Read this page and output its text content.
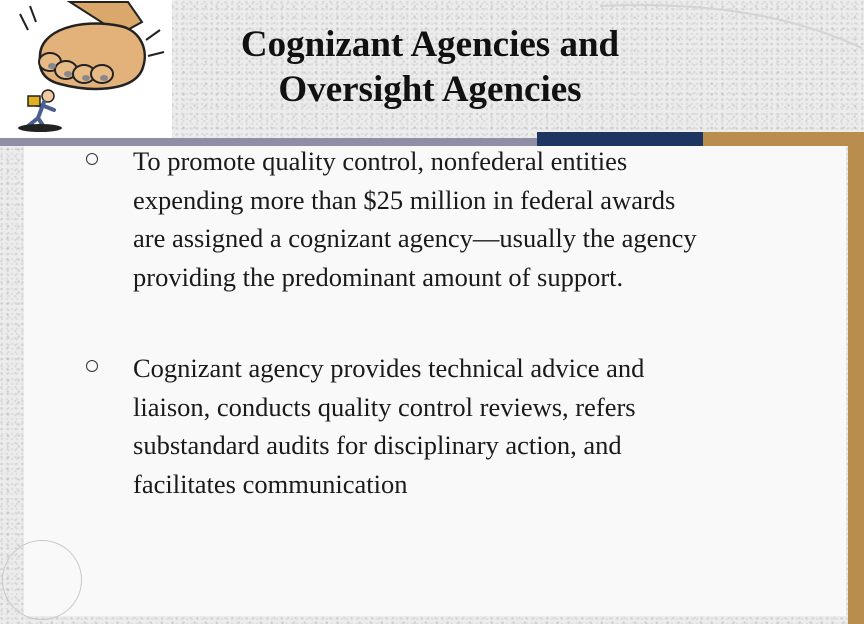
Cognizant Agencies and
Oversight Agencies
To promote quality control, nonfederal entities
expending more than $25 million in federal awards
are assigned a cognizant agency—usually the agency
providing the predominant amount of support.
Cognizant agency provides technical advice and
liaison, conducts quality control reviews, refers
substandard audits for disciplinary action, and
facilitates communication
